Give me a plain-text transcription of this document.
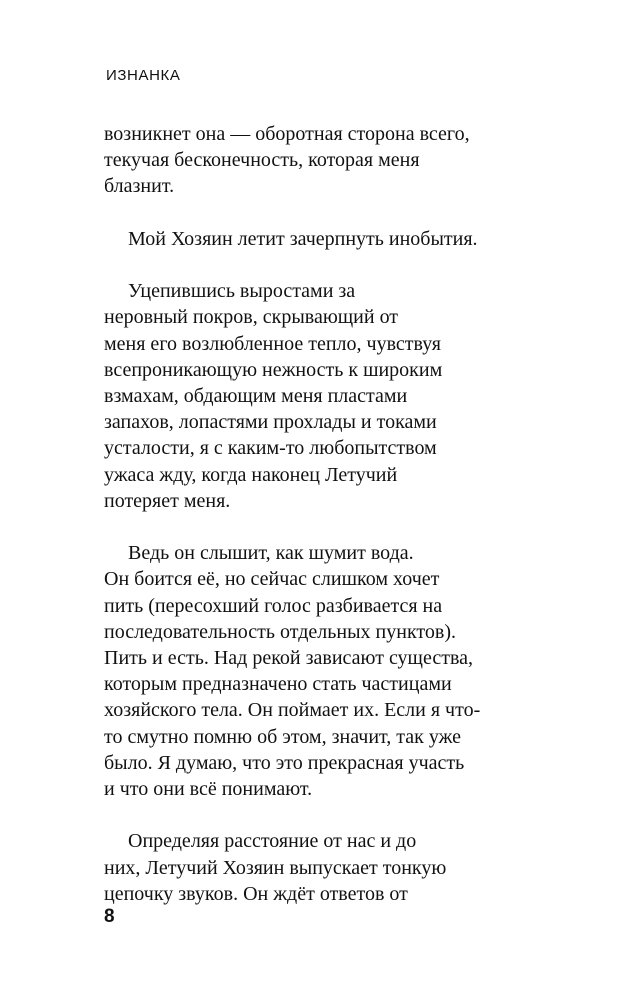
ИЗНАНКА

возникнет она — оборотная сторона всего,
текучая бесконечность, которая меня
блазнит.

Мой Хозяин летит зачерпнуть инобытия.

Уцепившись выростами за
неровный покров, скрывающий от
меня его возлюбленное тепло, чувствуя
всепроникающую нежность к широким
взмахам, обдающим меня пластами
запахов, лопастями прохлады и токами
усталости, я с каким-то любопытством
ужаса жду, когда наконец Летучий
потеряет меня.

Ведь он слышит, как шумит вода.
Он боится её, но сейчас слишком хочет
пить (пересохший голос разбивается на
последовательность отдельных пунктов).
Пить и есть. Над рекой зависают существа,
которым предназначено стать частицами
хозяйского тела. Он поймает их. Если я что-
то смутно помню об этом, значит, так уже
было. Я думаю, что это прекрасная участь
и что они всё понимают.

Определяя расстояние от нас и до
них, Летучий Хозяин выпускает тонкую
цепочку звуков. Он ждёт ответов от

8
